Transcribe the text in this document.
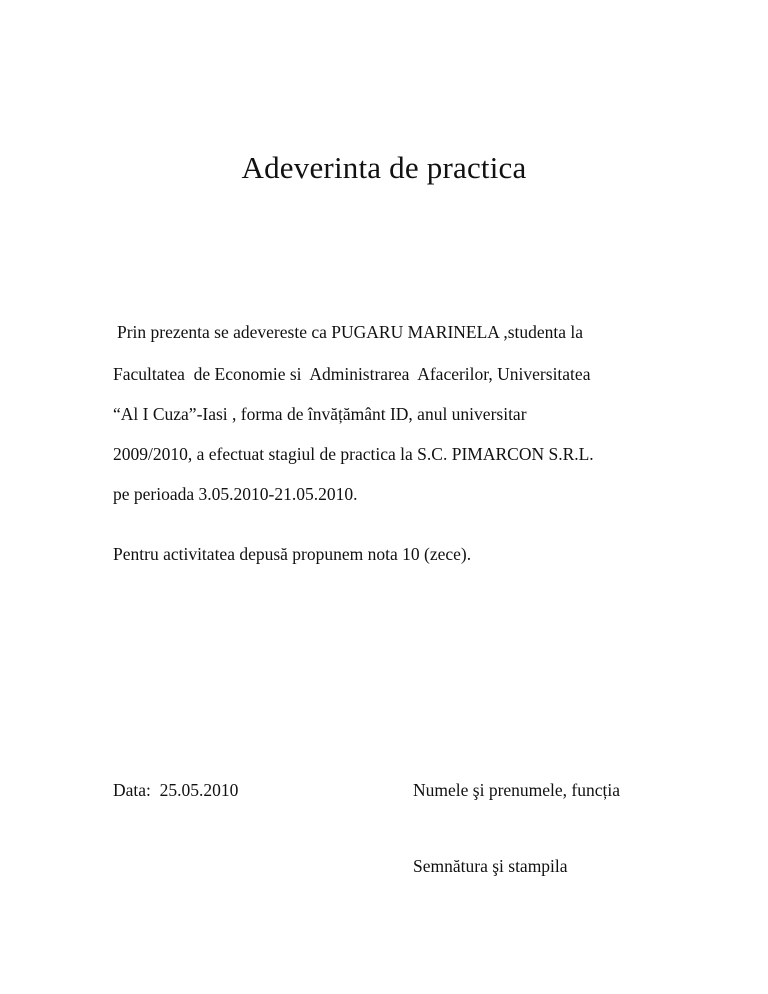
Adeverinta de practica
Prin prezenta se adevereste ca PUGARU MARINELA ,studenta la
Facultatea  de Economie si  Administrarea  Afacerilor, Universitatea
“Al I Cuza”-Iasi , forma de învățământ ID, anul universitar
2009/2010, a efectuat stagiul de practica la S.C. PIMARCON S.R.L.
pe perioada 3.05.2010-21.05.2010.
Pentru activitatea depusă propunem nota 10 (zece).
Data:  25.05.2010	Numele şi prenumele, funcția
Semnătura şi stampila
